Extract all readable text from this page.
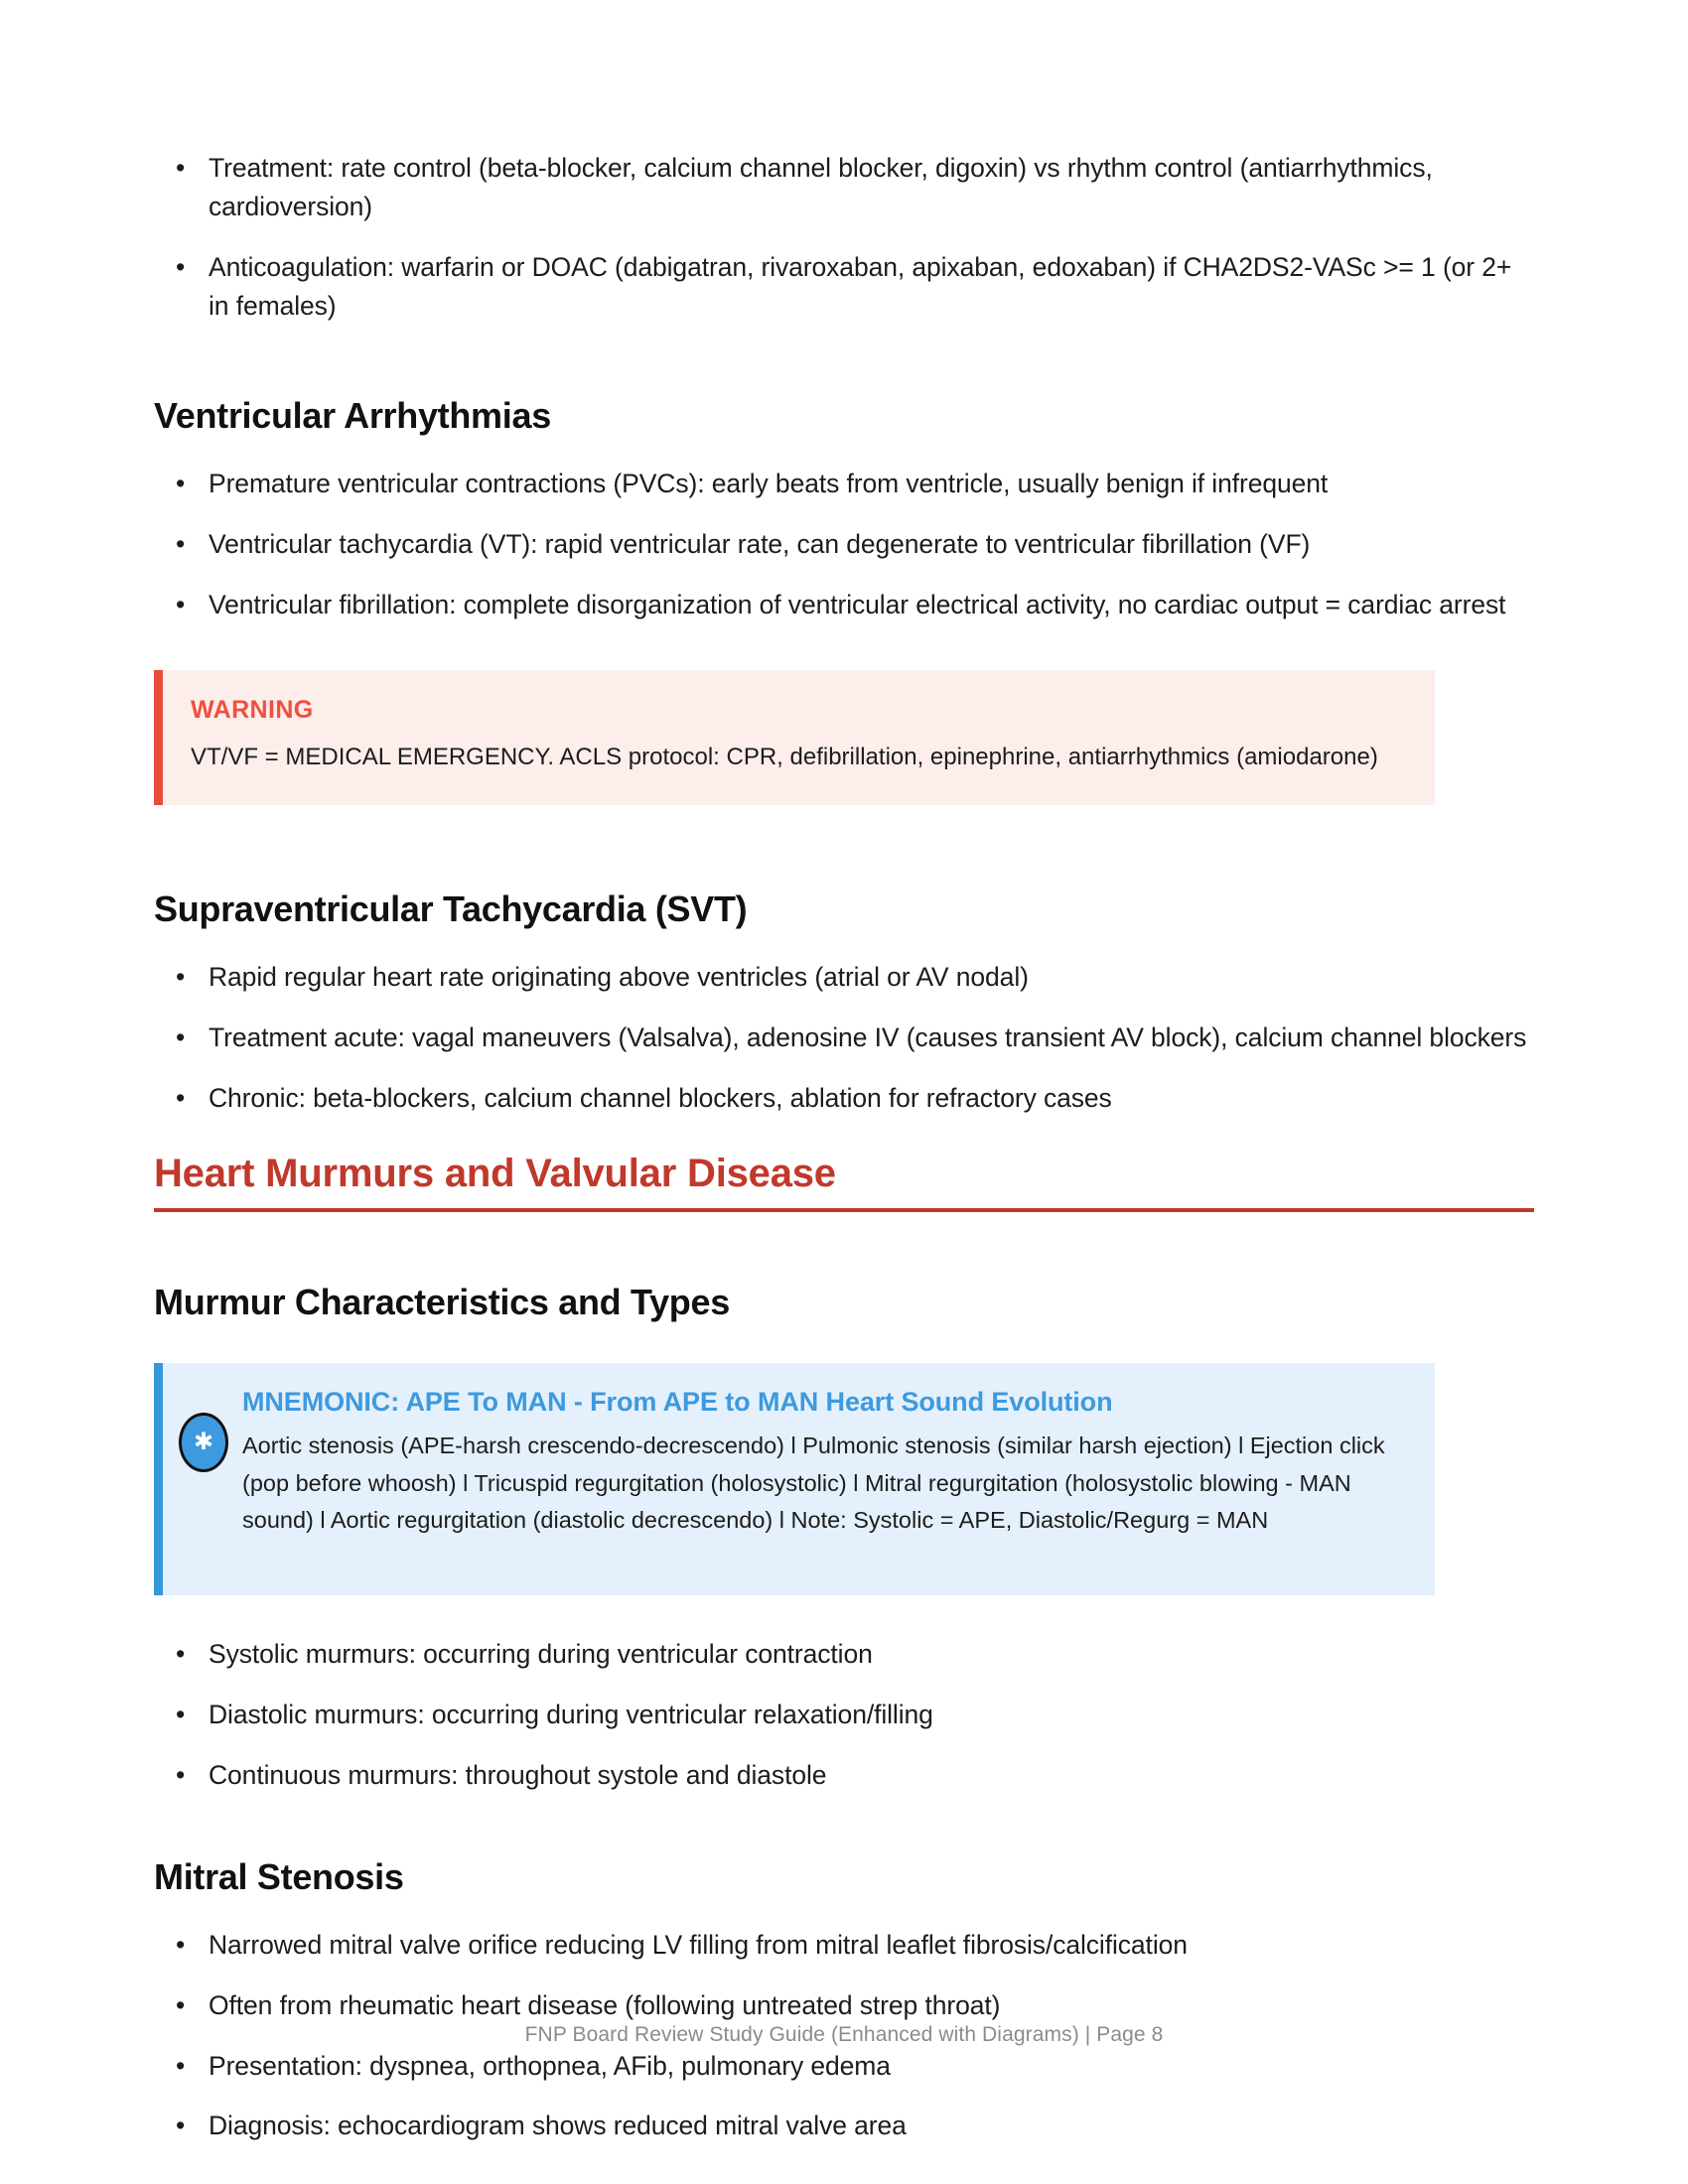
• Treatment: rate control (beta-blocker, calcium channel blocker, digoxin) vs rhythm control (antiarrhythmics, cardioversion)
• Anticoagulation: warfarin or DOAC (dabigatran, rivaroxaban, apixaban, edoxaban) if CHA2DS2-VASc >= 1 (or 2+ in females)
Ventricular Arrhythmias
• Premature ventricular contractions (PVCs): early beats from ventricle, usually benign if infrequent
• Ventricular tachycardia (VT): rapid ventricular rate, can degenerate to ventricular fibrillation (VF)
• Ventricular fibrillation: complete disorganization of ventricular electrical activity, no cardiac output = cardiac arrest
WARNING
VT/VF = MEDICAL EMERGENCY. ACLS protocol: CPR, defibrillation, epinephrine, antiarrhythmics (amiodarone)
Supraventricular Tachycardia (SVT)
• Rapid regular heart rate originating above ventricles (atrial or AV nodal)
• Treatment acute: vagal maneuvers (Valsalva), adenosine IV (causes transient AV block), calcium channel blockers
• Chronic: beta-blockers, calcium channel blockers, ablation for refractory cases
Heart Murmurs and Valvular Disease
Murmur Characteristics and Types
✱
MNEMONIC: APE To MAN - From APE to MAN Heart Sound Evolution
Aortic stenosis (APE-harsh crescendo-decrescendo) l Pulmonic stenosis (similar harsh ejection) l Ejection click (pop before whoosh) l Tricuspid regurgitation (holosystolic) l Mitral regurgitation (holosystolic blowing - MAN sound) l Aortic regurgitation (diastolic decrescendo) l Note: Systolic = APE, Diastolic/Regurg = MAN
• Systolic murmurs: occurring during ventricular contraction
• Diastolic murmurs: occurring during ventricular relaxation/filling
• Continuous murmurs: throughout systole and diastole
Mitral Stenosis
• Narrowed mitral valve orifice reducing LV filling from mitral leaflet fibrosis/calcification
• Often from rheumatic heart disease (following untreated strep throat)
• Presentation: dyspnea, orthopnea, AFib, pulmonary edema
• Diagnosis: echocardiogram shows reduced mitral valve area
FNP Board Review Study Guide (Enhanced with Diagrams) | Page 8
